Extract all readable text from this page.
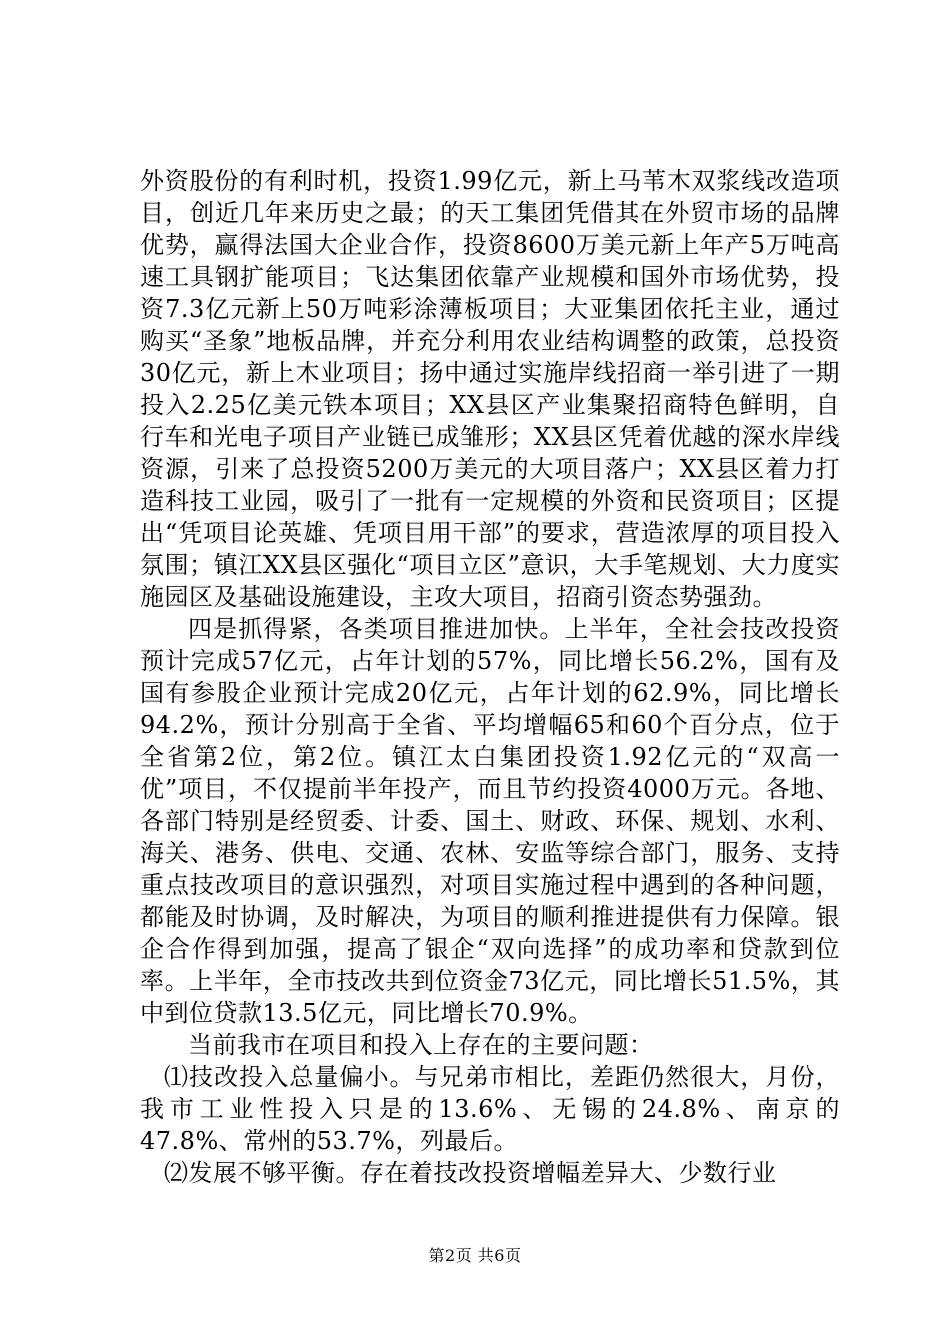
外资股份的有利时机，投资1.99亿元，新上马苇木双浆线改造项目，创近几年来历史之最；的天工集团凭借其在外贸市场的品牌优势，赢得法国大企业合作，投资8600万美元新上年产5万吨高速工具钢扩能项目；飞达集团依靠产业规模和国外市场优势，投资7.3亿元新上50万吨彩涂薄板项目；大亚集团依托主业，通过购买“圣象”地板品牌，并充分利用农业结构调整的政策，总投资30亿元，新上木业项目；扬中通过实施岸线招商一举引进了一期投入2.25亿美元铁本项目；XX县区产业集聚招商特色鲜明，自行车和光电子项目产业链已成雏形；XX县区凭着优越的深水岸线资源，引来了总投资5200万美元的大项目落户；XX县区着力打造科技工业园，吸引了一批有一定规模的外资和民资项目；区提出“凭项目论英雄、凭项目用干部”的要求，营造浓厚的项目投入氛围；镇江XX县区强化“项目立区”意识，大手笔规划、大力度实施园区及基础设施建设，主攻大项目，招商引资态势强劲。

四是抓得紧，各类项目推进加快。上半年，全社会技改投资预计完成57亿元，占年计划的57%，同比增长56.2%，国有及国有参股企业预计完成20亿元，占年计划的62.9%，同比增长94.2%，预计分别高于全省、平均增幅65和60个百分点，位于全省第2位，第2位。镇江太白集团投资1.92亿元的“双高一优”项目，不仅提前半年投产，而且节约投资4000万元。各地、各部门特别是经贸委、计委、国土、财政、环保、规划、水利、海关、港务、供电、交通、农林、安监等综合部门，服务、支持重点技改项目的意识强烈，对项目实施过程中遇到的各种问题，都能及时协调，及时解决，为项目的顺利推进提供有力保障。银企合作得到加强，提高了银企“双向选择”的成功率和贷款到位率。上半年，全市技改共到位资金73亿元，同比增长51.5%，其中到位贷款13.5亿元，同比增长70.9%。

当前我市在项目和投入上存在的主要问题：

⑴技改投入总量偏小。与兄弟市相比，差距仍然很大，月份，我市工业性投入只是的13.6%、无锡的24.8%、南京的47.8%、常州的53.7%，列最后。

⑵发展不够平衡。存在着技改投资增幅差异大、少数行业

第2页 共6页
